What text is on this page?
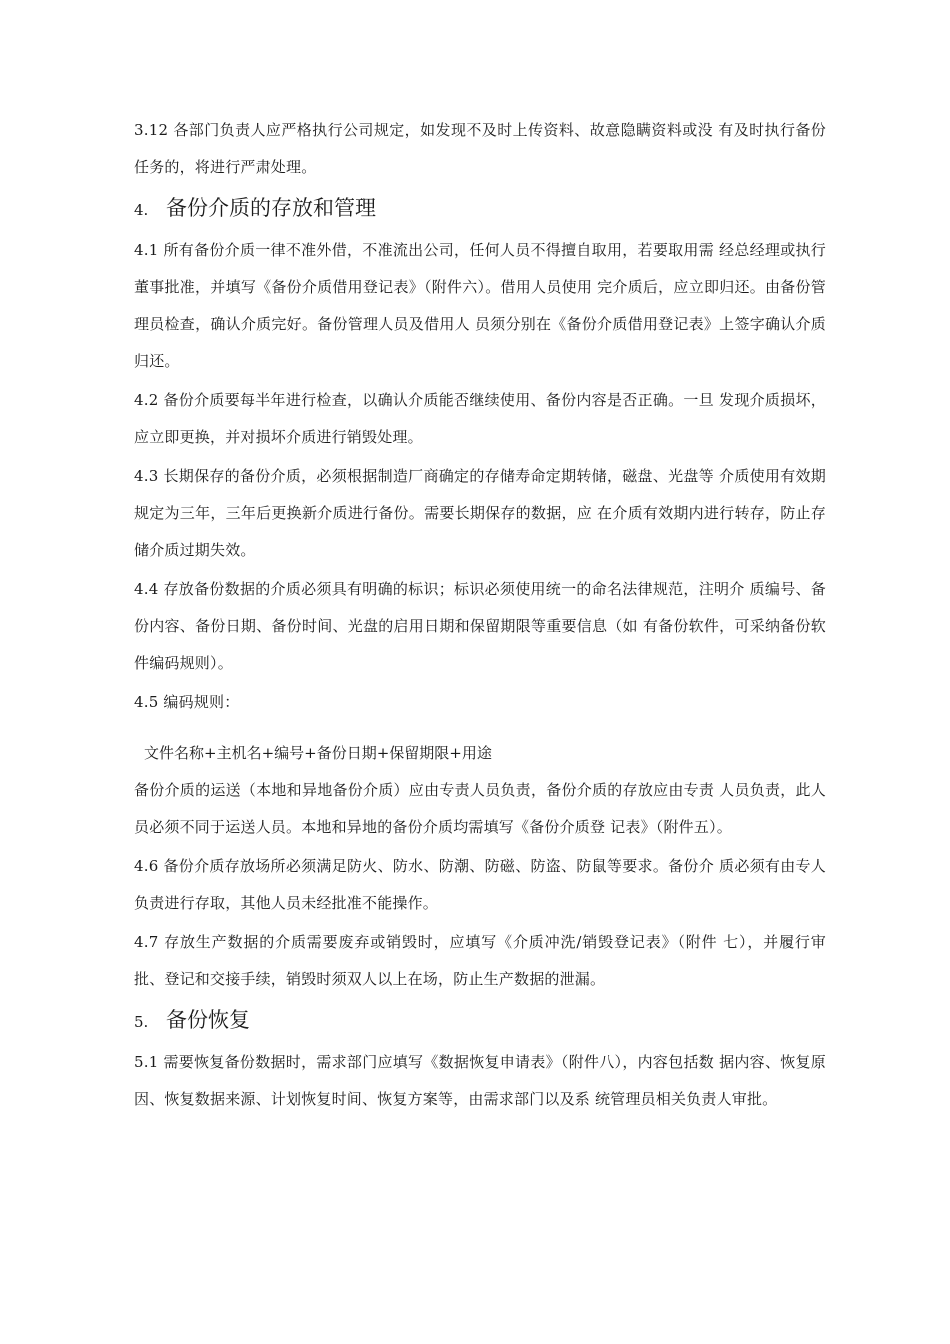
3.12 各部门负责人应严格执行公司规定，如发现不及时上传资料、故意隐瞒资料或没 有及时执行备份任务的，将进行严肃处理。

4. 备份介质的存放和管理

4.1 所有备份介质一律不准外借，不准流出公司，任何人员不得擅自取用，若要取用需 经总经理或执行董事批准，并填写《备份介质借用登记表》（附件六）。借用人员使用 完介质后，应立即归还。由备份管理员检查，确认介质完好。备份管理人员及借用人 员须分别在《备份介质借用登记表》上签字确认介质归还。

4.2 备份介质要每半年进行检查，以确认介质能否继续使用、备份内容是否正确。一旦 发现介质损坏，应立即更换，并对损坏介质进行销毁处理。

4.3 长期保存的备份介质，必须根据制造厂商确定的存储寿命定期转储，磁盘、光盘等 介质使用有效期规定为三年，三年后更换新介质进行备份。需要长期保存的数据，应 在介质有效期内进行转存，防止存储介质过期失效。

4.4 存放备份数据的介质必须具有明确的标识；标识必须使用统一的命名法律规范，注明介 质编号、备份内容、备份日期、备份时间、光盘的启用日期和保留期限等重要信息（如 有备份软件，可采纳备份软件编码规则）。

4.5 编码规则：

文件名称+主机名+编号+备份日期+保留期限+用途

备份介质的运送（本地和异地备份介质）应由专责人员负责，备份介质的存放应由专责 人员负责，此人员必须不同于运送人员。本地和异地的备份介质均需填写《备份介质登 记表》（附件五）。

4.6 备份介质存放场所必须满足防火、防水、防潮、防磁、防盗、防鼠等要求。备份介 质必须有由专人负责进行存取，其他人员未经批准不能操作。

4.7 存放生产数据的介质需要废弃或销毁时，应填写《介质冲洗/销毁登记表》（附件 七），并履行审批、登记和交接手续，销毁时须双人以上在场，防止生产数据的泄漏。

5. 备份恢复

5.1 需要恢复备份数据时，需求部门应填写《数据恢复申请表》（附件八），内容包括数 据内容、恢复原因、恢复数据来源、计划恢复时间、恢复方案等，由需求部门以及系 统管理员相关负责人审批。
